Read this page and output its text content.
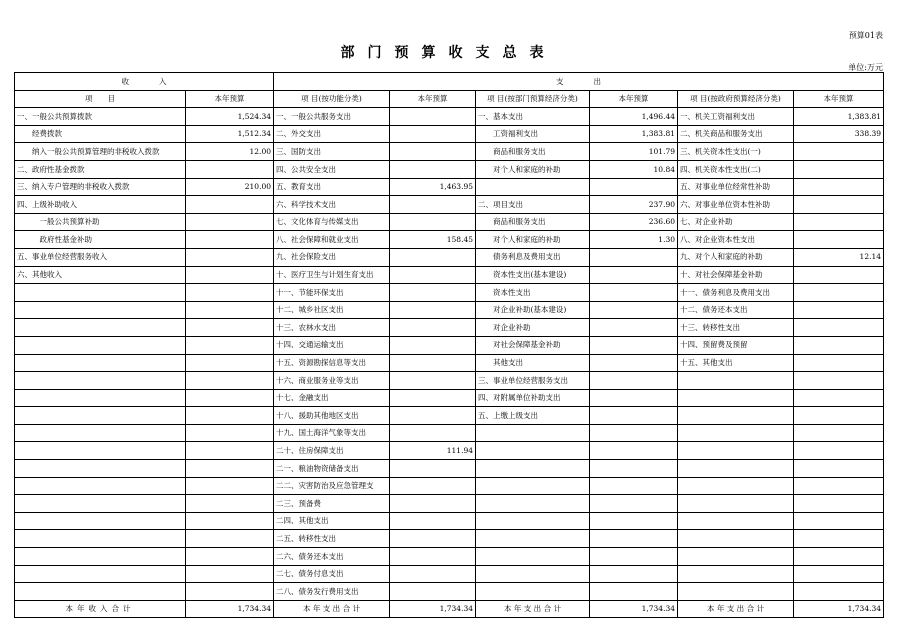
预算01表
部门预算收支总表
单位:万元
收　　　　入		支　　　　出					
项　　目	本年预算	项 目(按功能分类)	本年预算	项 目(按部门预算经济分类)	本年预算	项 目(按政府预算经济分类)	本年预算
一、一般公共预算拨款	1,524.34	一、一般公共服务支出		一、基本支出	1,496.44	一、机关工资福利支出	1,383.81
　　经费拨款	1,512.34	二、外交支出		　　工资福利支出	1,383.81	二、机关商品和服务支出	338.39
　　纳入一般公共预算管理的非税收入拨款	12.00	三、国防支出		　　商品和服务支出	101.79	三、机关资本性支出(一)	
二、政府性基金拨款		四、公共安全支出		　　对个人和家庭的补助	10.84	四、机关资本性支出(二)	
三、纳入专户管理的非税收入拨款	210.00	五、教育支出	1,463.95			五、对事业单位经常性补助	
四、上级补助收入		六、科学技术支出		二、项目支出	237.90	六、对事业单位资本性补助	
　　　一般公共预算补助		七、文化体育与传媒支出		　　商品和服务支出	236.60	七、对企业补助	
　　　政府性基金补助		八、社会保障和就业支出	158.45	　　对个人和家庭的补助	1.30	八、对企业资本性支出	
五、事业单位经营服务收入		九、社会保险支出		　　债务利息及费用支出		九、对个人和家庭的补助	12.14
六、其他收入		十、医疗卫生与计划生育支出		　　资本性支出(基本建设)		十、对社会保障基金补助	
		十一、节能环保支出		　　资本性支出		十一、债务利息及费用支出	
		十二、城乡社区支出		　　对企业补助(基本建设)		十二、债务还本支出	
		十三、农林水支出		　　对企业补助		十三、转移性支出	
		十四、交通运输支出		　　对社会保障基金补助		十四、预留费及预留	
		十五、资源勘探信息等支出		　　其他支出		十五、其他支出	
		十六、商业服务业等支出		三、事业单位经营服务支出			
		十七、金融支出		四、对附属单位补助支出			
		十八、援助其他地区支出		五、上缴上级支出			
		十九、国土海洋气象等支出					
		二十、住房保障支出	111.94				
		二一、粮油物资储备支出					
		二二、灾害防治及应急管理支					
		二三、预备费					
		二四、其他支出					
		二五、转移性支出					
		二六、债务还本支出					
		二七、债务付息支出					
		二八、债务发行费用支出					
本年收入合计	1,734.34	本 年 支 出 合 计	1,734.34	本 年 支 出 合 计	1,734.34	本 年 支 出 合 计	1,734.34
